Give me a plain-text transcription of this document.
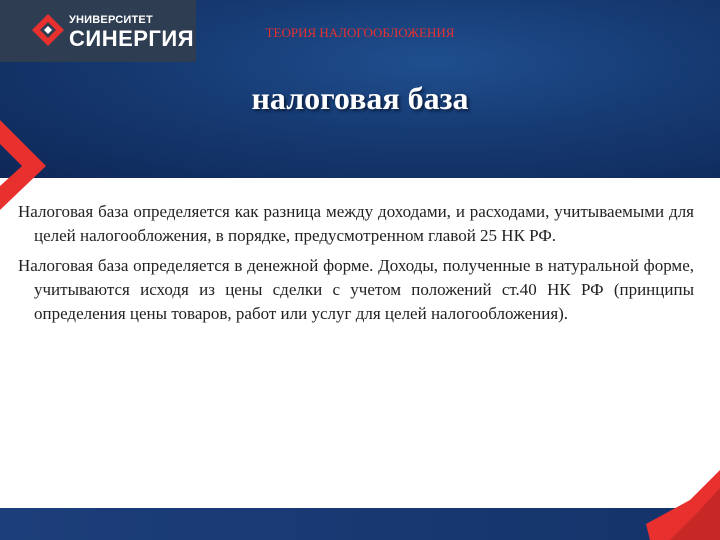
УНИВЕРСИТЕТ
СИНЕРГИЯ	ТЕОРИЯ НАЛОГООБЛОЖЕНИЯ
налоговая база

Налоговая база определяется как разница между доходами, и расходами, учитываемыми для целей налогообложения, в порядке, предусмотренном главой 25 НК РФ.

Налоговая база определяется в денежной форме. Доходы, полученные в натуральной форме, учитываются исходя из цены сделки с учетом положений ст.40 НК РФ (принципы определения цены товаров, работ или услуг для целей налогообложения).
